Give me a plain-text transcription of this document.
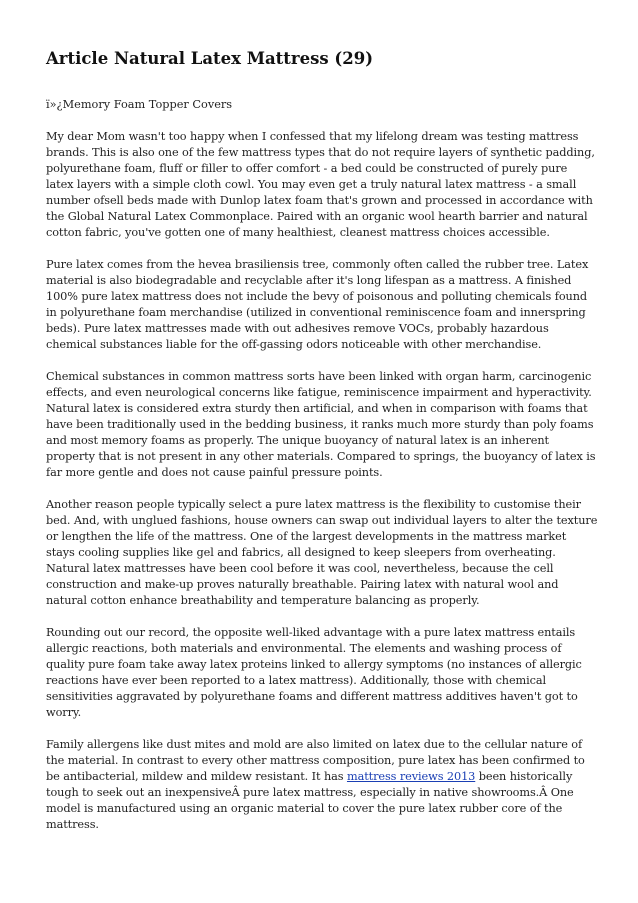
Article Natural Latex Mattress (29)

ï»¿Memory Foam Topper Covers

My dear Mom wasn't too happy when I confessed that my lifelong dream was testing mattress brands. This is also one of the few mattress types that do not require layers of synthetic padding, polyurethane foam, fluff or filler to offer comfort - a bed could be constructed of purely pure latex layers with a simple cloth cowl. You may even get a truly natural latex mattress - a small number ofsell beds made with Dunlop latex foam that's grown and processed in accordance with the Global Natural Latex Commonplace. Paired with an organic wool hearth barrier and natural cotton fabric, you've gotten one of many healthiest, cleanest mattress choices accessible.

Pure latex comes from the hevea brasiliensis tree, commonly often called the rubber tree. Latex material is also biodegradable and recyclable after it's long lifespan as a mattress. A finished 100% pure latex mattress does not include the bevy of poisonous and polluting chemicals found in polyurethane foam merchandise (utilized in conventional reminiscence foam and innerspring beds). Pure latex mattresses made with out adhesives remove VOCs, probably hazardous chemical substances liable for the off-gassing odors noticeable with other merchandise.

Chemical substances in common mattress sorts have been linked with organ harm, carcinogenic effects, and even neurological concerns like fatigue, reminiscence impairment and hyperactivity. Natural latex is considered extra sturdy then artificial, and when in comparison with foams that have been traditionally used in the bedding business, it ranks much more sturdy than poly foams and most memory foams as properly. The unique buoyancy of natural latex is an inherent property that is not present in any other materials. Compared to springs, the buoyancy of latex is far more gentle and does not cause painful pressure points.

Another reason people typically select a pure latex mattress is the flexibility to customise their bed. And, with unglued fashions, house owners can swap out individual layers to alter the texture or lengthen the life of the mattress. One of the largest developments in the mattress market stays cooling supplies like gel and fabrics, all designed to keep sleepers from overheating. Natural latex mattresses have been cool before it was cool, nevertheless, because the cell construction and make-up proves naturally breathable. Pairing latex with natural wool and natural cotton enhance breathability and temperature balancing as properly.

Rounding out our record, the opposite well-liked advantage with a pure latex mattress entails allergic reactions, both materials and environmental. The elements and washing process of quality pure foam take away latex proteins linked to allergy symptoms (no instances of allergic reactions have ever been reported to a latex mattress). Additionally, those with chemical sensitivities aggravated by polyurethane foams and different mattress additives haven't got to worry.

Family allergens like dust mites and mold are also limited on latex due to the cellular nature of the material. In contrast to every other mattress composition, pure latex has been confirmed to be antibacterial, mildew and mildew resistant. It has mattress reviews 2013 been historically tough to seek out an inexpensiveÂ pure latex mattress, especially in native showrooms.Â One model is manufactured using an organic material to cover the pure latex rubber core of the mattress.
